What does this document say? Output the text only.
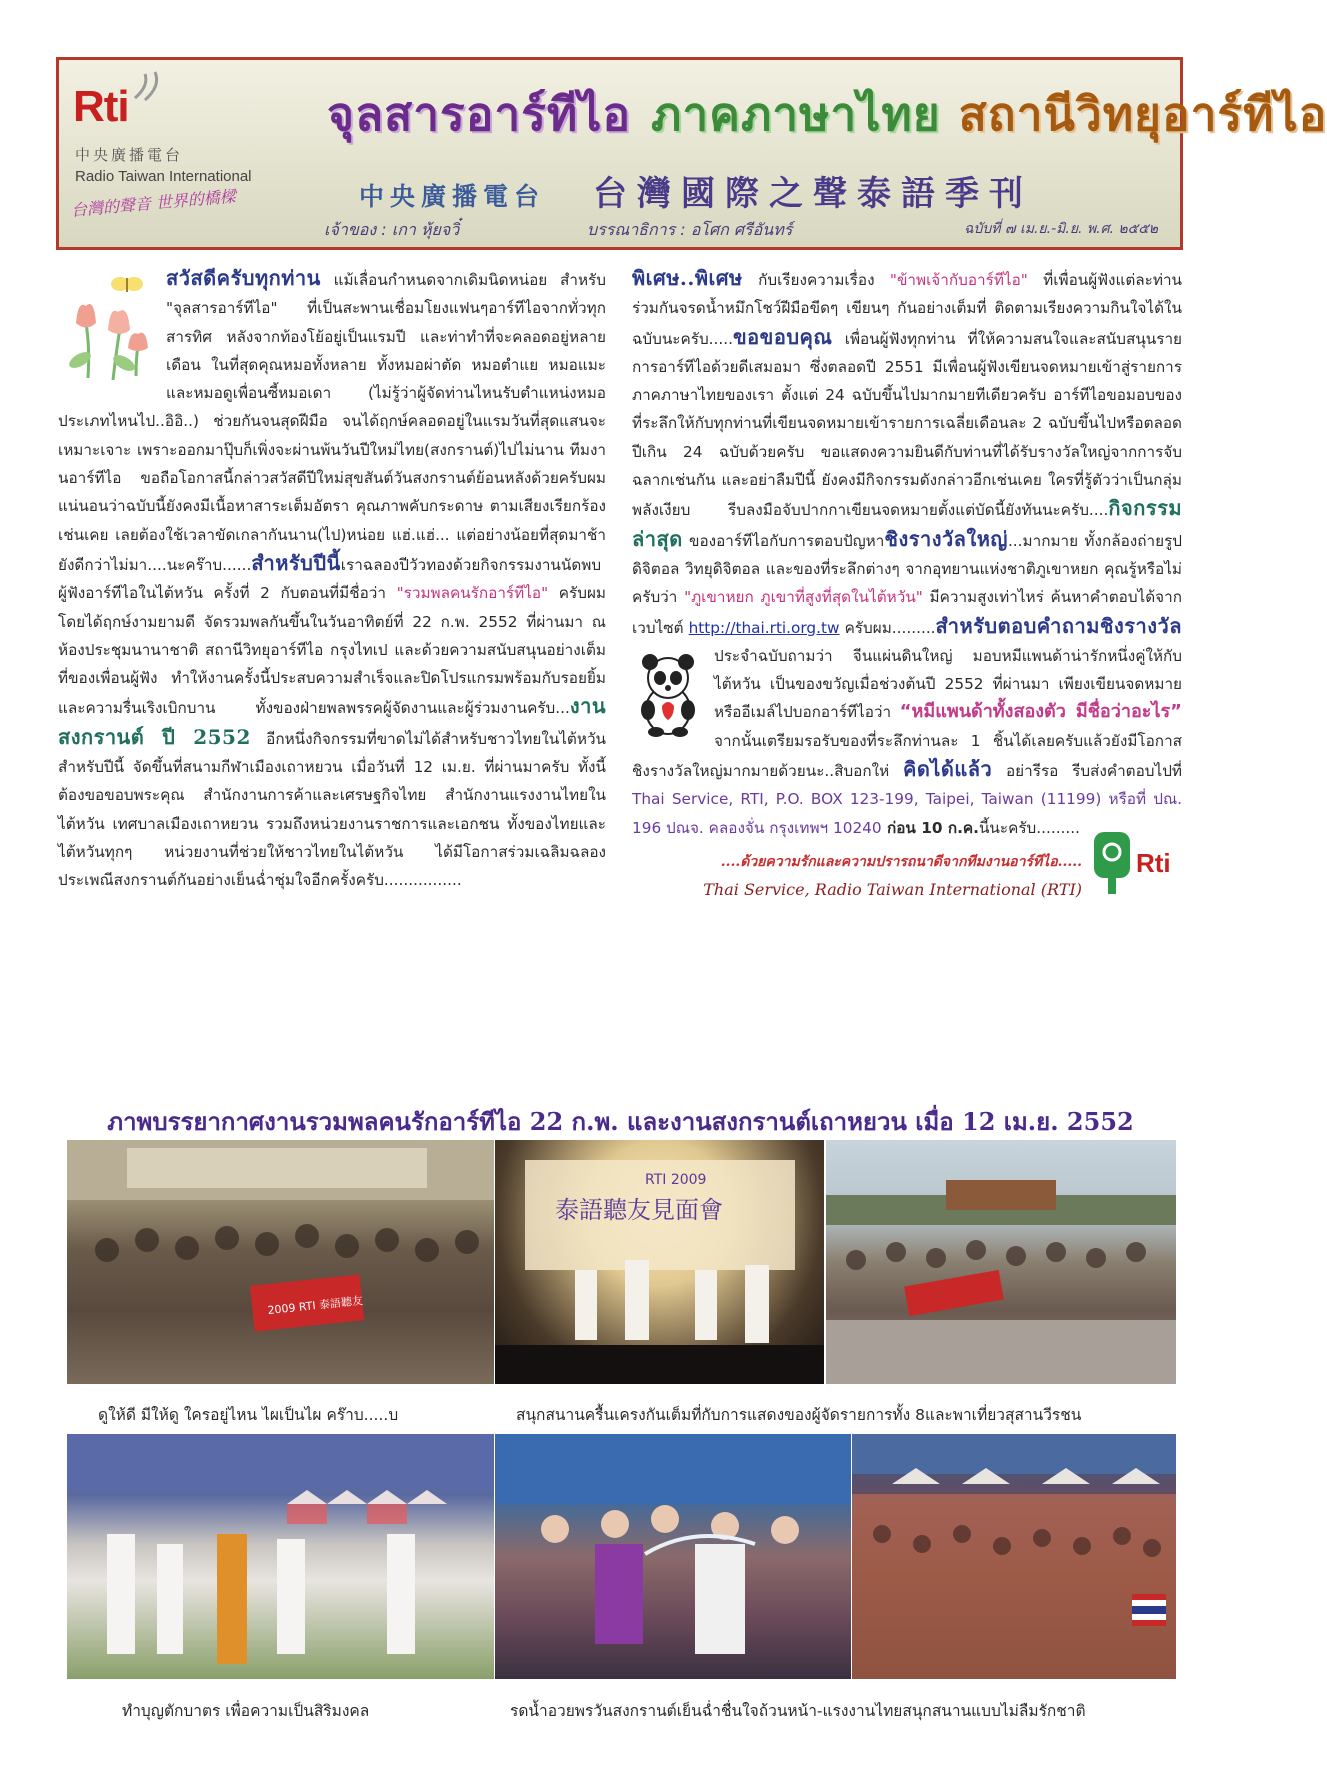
Rti
中央廣播電台
Radio Taiwan International
台灣的聲音 世界的橋樑
จุลสารอาร์ทีไอ ภาคภาษาไทย สถานีวิทยุอาร์ทีไอ
中央廣播電台 台灣國際之聲泰語季刊
เจ้าของ : เกา หุ้ยจวิ๋	บรรณาธิการ : อโศก ศรีอันทร์	ฉบับที่ ๗ เม.ย.-มิ.ย. พ.ศ. ๒๕๕๒
สวัสดีครับทุกท่าน แม้เลื่อนกำหนดจากเดิมนิดหน่อย สำหรับ "จุลสารอาร์ทีไอ" ที่เป็นสะพานเชื่อมโยงแฟนๆอาร์ทีไอจากทั่วทุกสารทิศ หลังจากท้องโย้อยู่เป็นแรมปี และท่าทำที่จะคลอดอยู่หลายเดือน ในที่สุดคุณหมอทั้งหลาย ทั้งหมอผ่าตัด หมอตำแย หมอแมะ และหมอดูเพื่อนซี้หมอเดา (ไม่รู้ว่าผู้จัดท่านไหนรับตำแหน่งหมอประเภทไหนไป..อิอิ..) ช่วยกันจนสุดฝีมือ จนได้ฤกษ์คลอดอยู่ในแรมวันที่สุดแสนจะเหมาะเจาะ เพราะออกมาปุ๊บก็เพิ่งจะผ่านพ้นวันปีใหม่ไทย(สงกรานต์)ไปไม่นาน ทีมงานอาร์ทีไอ ขอถือโอกาสนี้กล่าวสวัสดีปีใหม่สุขสันต์วันสงกรานต์ย้อนหลังด้วยครับผม แน่นอนว่าฉบับนี้ยังคงมีเนื้อหาสาระเต็มอัตรา คุณภาพคับกระดาษ ตามเสียงเรียกร้องเช่นเคย เลยต้องใช้เวลาขัดเกลากันนาน(ไป)หน่อย แฮ่.แฮ่... แต่อย่างน้อยที่สุดมาช้ายังดีกว่าไม่มา....นะคร๊าบ......สำหรับปีนี้เราฉลองปีวัวทองด้วยกิจกรรมงานนัดพบผู้ฟังอาร์ทีไอในไต้หวัน ครั้งที่ 2 กับตอนที่มีชื่อว่า "รวมพลคนรักอาร์ทีไอ" ครับผม โดยได้ฤกษ์งามยามดี จัดรวมพลกันขึ้นในวันอาทิตย์ที่ 22 ก.พ. 2552 ที่ผ่านมา ณ ห้องประชุมนานาชาติ สถานีวิทยุอาร์ทีไอ กรุงไทเป และด้วยความสนับสนุนอย่างเต็มที่ของเพื่อนผู้ฟัง ทำให้งานครั้งนี้ประสบความสำเร็จและปิดโปรแกรมพร้อมกับรอยยิ้มและความรื่นเริงเบิกบาน ทั้งของฝ่ายพลพรรคผู้จัดงานและผู้ร่วมงานครับ...งานสงกรานต์ ปี 2552 อีกหนึ่งกิจกรรมที่ขาดไม่ได้สำหรับชาวไทยในไต้หวัน สำหรับปีนี้ จัดขึ้นที่สนามกีฬาเมืองเถาหยวน เมื่อวันที่ 12 เม.ย. ที่ผ่านมาครับ ทั้งนี้ ต้องขอขอบพระคุณ สำนักงานการค้าและเศรษฐกิจไทย สำนักงานแรงงานไทยในไต้หวัน เทศบาลเมืองเถาหยวน รวมถึงหน่วยงานราชการและเอกชน ทั้งของไทยและไต้หวันทุกๆ หน่วยงานที่ช่วยให้ชาวไทยในไต้หวัน ได้มีโอกาสร่วมเฉลิมฉลองประเพณีสงกรานต์กันอย่างเย็นฉ่ำชุ่มใจอีกครั้งครับ................
พิเศษ..พิเศษ กับเรียงความเรื่อง "ข้าพเจ้ากับอาร์ทีไอ" ที่เพื่อนผู้ฟังแต่ละท่าน ร่วมกันจรดน้ำหมึกโชว์ฝีมือขีดๆ เขียนๆ กันอย่างเต็มที่ ติดตามเรียงความกินใจได้ในฉบับนะครับ.....ขอขอบคุณ เพื่อนผู้ฟังทุกท่าน ที่ให้ความสนใจและสนับสนุนรายการอาร์ทีไอด้วยดีเสมอมา ซึ่งตลอดปี 2551 มีเพื่อนผู้ฟังเขียนจดหมายเข้าสู่รายการภาคภาษาไทยของเรา ตั้งแต่ 24 ฉบับขึ้นไปมากมายทีเดียวครับ อาร์ทีไอขอมอบของที่ระลึกให้กับทุกท่านที่เขียนจดหมายเข้ารายการเฉลี่ยเดือนละ 2 ฉบับขึ้นไปหรือตลอดปีเกิน 24 ฉบับด้วยครับ ขอแสดงความยินดีกับท่านที่ได้รับรางวัลใหญ่จากการจับฉลากเช่นกัน และอย่าลืมปีนี้ ยังคงมีกิจกรรมดังกล่าวอีกเช่นเคย ใครที่รู้ตัวว่าเป็นกลุ่มพลังเงียบ รีบลงมือจับปากกาเขียนจดหมายตั้งแต่บัดนี้ยังทันนะครับ....กิจกรรมล่าสุด ของอาร์ทีไอกับการตอบปัญหาชิงรางวัลใหญ่...มากมาย ทั้งกล้องถ่ายรูปดิจิตอล วิทยุดิจิตอล และของที่ระลึกต่างๆ จากอุทยานแห่งชาติภูเขาหยก คุณรู้หรือไม่ครับว่า "ภูเขาหยก ภูเขาที่สูงที่สุดในไต้หวัน" มีความสูงเท่าไหร่ ค้นหาคำตอบได้จากเวบไซต์ http://thai.rti.org.tw ครับผม.........สำหรับตอบคำถามชิงรางวัล
ประจำฉบับถามว่า จีนแผ่นดินใหญ่ มอบหมีแพนด้าน่ารักหนึ่งคู่ให้กับไต้หวัน เป็นของขวัญเมื่อช่วงต้นปี 2552 ที่ผ่านมา เพียงเขียนจดหมายหรืออีเมล์ไปบอกอาร์ทีไอว่า “หมีแพนด้าทั้งสองตัว มีชื่อว่าอะไร” จากนั้นเตรียมรอรับของที่ระลึกท่านละ 1 ชิ้นได้เลยครับแล้วยังมีโอกาสชิงรางวัลใหญ่มากมายด้วยนะ..สิบอกให่ คิดได้แล้ว อย่ารีรอ รีบส่งคำตอบไปที่ Thai Service, RTI, P.O. BOX 123-199, Taipei, Taiwan (11199) หรือที่ ปณ. 196 ปณจ. คลองจั่น กรุงเทพฯ 10240 ก่อน 10 ก.ค.นี้นะครับ.........
....ด้วยความรักและความปรารถนาดีจากทีมงานอาร์ทีไอ.....
Thai Service, Radio Taiwan International (RTI)
Rti
ภาพบรรยากาศงานรวมพลคนรักอาร์ทีไอ 22 ก.พ. และงานสงกรานต์เถาหยวน เมื่อ 12 เม.ย. 2552
2009 RTI 泰語聽友
RTI 2009
泰語聽友見面會
ดูให้ดี มีให้ดู ใครอยู่ไหน ไผเป็นไผ คร๊าบ.....บ	สนุกสนานครื้นเครงกันเต็มที่กับการแสดงของผู้จัดรายการทั้ง 8และพาเที่ยวสุสานวีรชน
ทำบุญตักบาตร เพื่อความเป็นสิริมงคล	รดน้ำอวยพรวันสงกรานต์เย็นฉ่ำชื่นใจถ้วนหน้า-แรงงานไทยสนุกสนานแบบไม่ลืมรักชาติ
